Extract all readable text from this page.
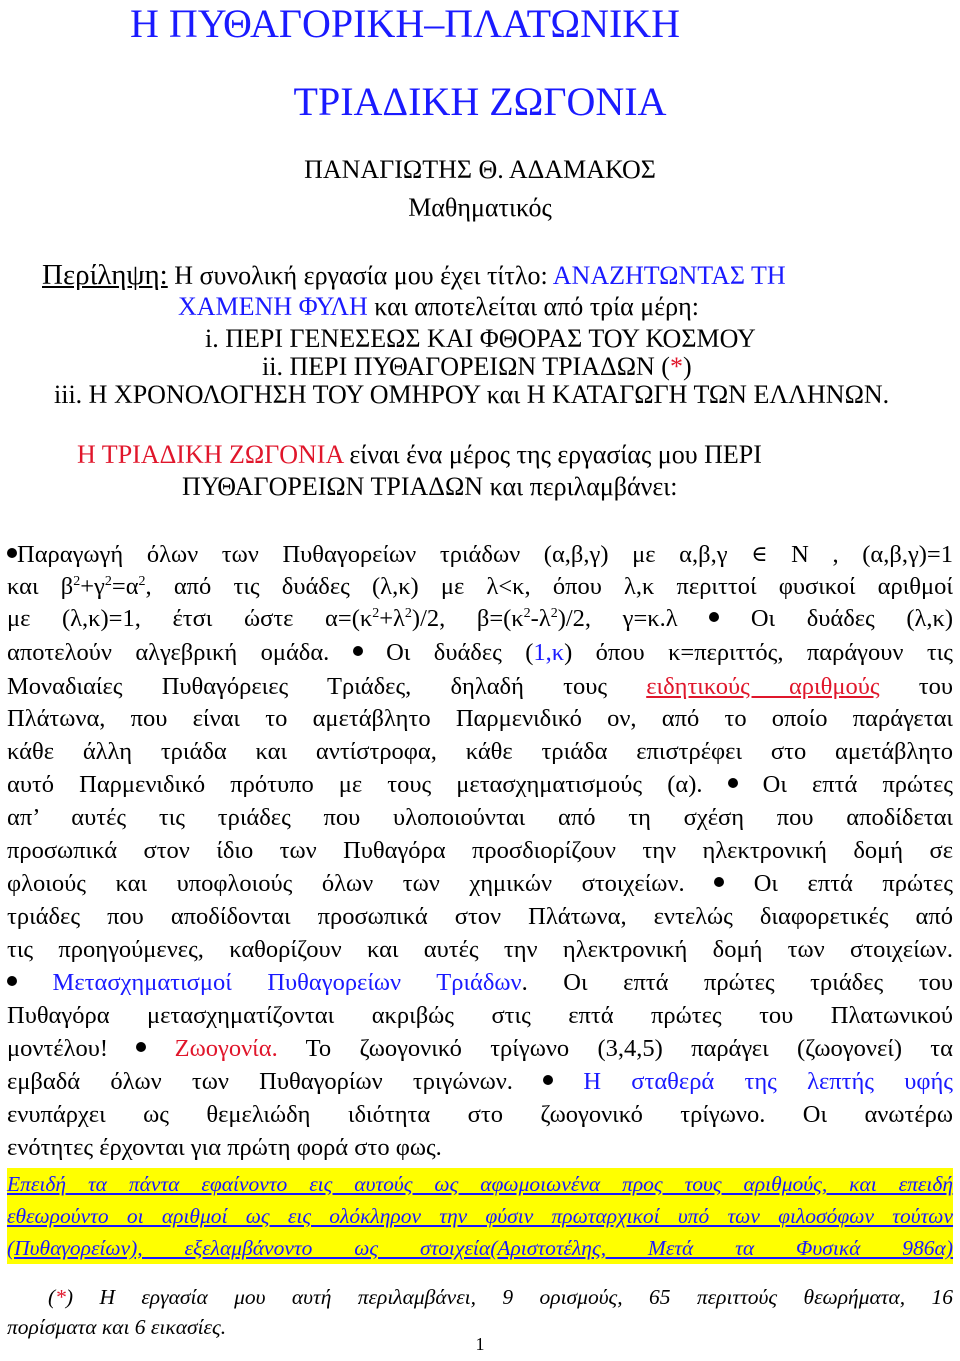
Η ΠΥΘΑΓΟΡΙΚΗ–ΠΛΑΤΩΝΙΚΗ
ΤΡΙΑΔΙΚΗ ΖΩΓΟΝΙΑ
ΠΑΝΑΓΙΩΤΗΣ Θ. ΑΔΑΜΑΚΟΣ
Μαθηματικός
Περίληψη: Η συνολική εργασία μου έχει τίτλο: ΑΝΑΖΗΤΩΝΤΑΣ ΤΗ
ΧΑΜΕΝΗ ΦΥΛΗ και αποτελείται από τρία μέρη:
i. ΠΕΡΙ ΓΕΝΕΣΕΩΣ ΚΑΙ ΦΘΟΡΑΣ ΤΟΥ ΚΟΣΜΟΥ
ii. ΠΕΡΙ ΠΥΘΑΓΟΡΕΙΩΝ ΤΡΙΑΔΩΝ (*)
iii. Η ΧΡΟΝΟΛΟΓΗΣΗ ΤΟΥ ΟΜΗΡΟΥ και Η ΚΑΤΑΓΩΓΗ ΤΩΝ ΕΛΛΗΝΩΝ.
Η ΤΡΙΑΔΙΚΗ ΖΩΓΟΝΙΑ είναι ένα μέρος της εργασίας μου ΠΕΡΙ
ΠΥΘΑΓΟΡΕΙΩΝ ΤΡΙΑΔΩΝ και περιλαμβάνει:
Παραγωγή όλων των Πυθαγορείων τριάδων (α,β,γ) με α,β,γ ∈ N , (α,β,γ)=1
και $\beta^2+\gamma^2=\alpha^2$, από τις δυάδες (λ,κ) με λ<κ, όπου λ,κ περιττοί φυσικοί αριθμοί
με (λ,κ)=1, έτσι ώστε $\alpha=(\kappa^2+\lambda^2)/2$, $\beta=(\kappa^2-\lambda^2)/2$, γ=κ.λ  Οι δυάδες (λ,κ)
αποτελούν αλγεβρική ομάδα.  Οι δυάδες (1,κ) όπου κ=περιττός, παράγουν τις
Μοναδιαίες Πυθαγόρειες Τριάδες, δηλαδή τους ειδητικούς αριθμούς του
Πλάτωνα, που είναι το αμετάβλητο Παρμενιδικό ον, από το οποίο παράγεται
κάθε άλλη τριάδα και αντίστροφα, κάθε τριάδα επιστρέφει στο αμετάβλητο
αυτό Παρμενιδικό πρότυπο με τους μετασχηματισμούς (α).  Οι επτά πρώτες
απ’ αυτές τις τριάδες που υλοποιούνται από τη σχέση που αποδίδεται
προσωπικά στον ίδιο των Πυθαγόρα προσδιορίζουν την ηλεκτρονική δομή σε
φλοιούς και υποφλοιούς όλων των χημικών στοιχείων.  Οι επτά πρώτες
τριάδες που αποδίδονται προσωπικά στον Πλάτωνα, εντελώς διαφορετικές από
τις προηγούμενες, καθορίζουν και αυτές την ηλεκτρονική δομή των στοιχείων.
Μετασχηματισμοί Πυθαγορείων Τριάδων. Οι επτά πρώτες τριάδες του
Πυθαγόρα μετασχηματίζονται ακριβώς στις επτά πρώτες του Πλατωνικού
μοντέλου!  Ζωογονία. Το ζωογονικό τρίγωνο (3,4,5) παράγει (ζωογονεί) τα
εμβαδά όλων των Πυθαγορίων τριγώνων.  Η σταθερά της λεπτής υφής
ενυπάρχει ως θεμελιώδη ιδιότητα στο ζωογονικό τρίγωνο. Οι ανωτέρω
ενότητες έρχονται για πρώτη φορά στο φως.
Επειδή τα πάντα εφαίνοντο εις αυτούς ως αφωμοιωνένα προς τους αριθμούς, και επειδή
εθεωρούντο οι αριθμοί ως εις ολόκληρον την φύσιν πρωταρχικοί υπό των φιλοσόφων τούτων
(Πυθαγορείων), εξελαμβάνοντο ως στοιχεία(Αριστοτέλης, Μετά τα Φυσικά 986α)
(*) Η εργασία μου αυτή περιλαμβάνει, 9 ορισμούς, 65 περιττούς θεωρήματα, 16
πορίσματα και 6 εικασίες.
1
